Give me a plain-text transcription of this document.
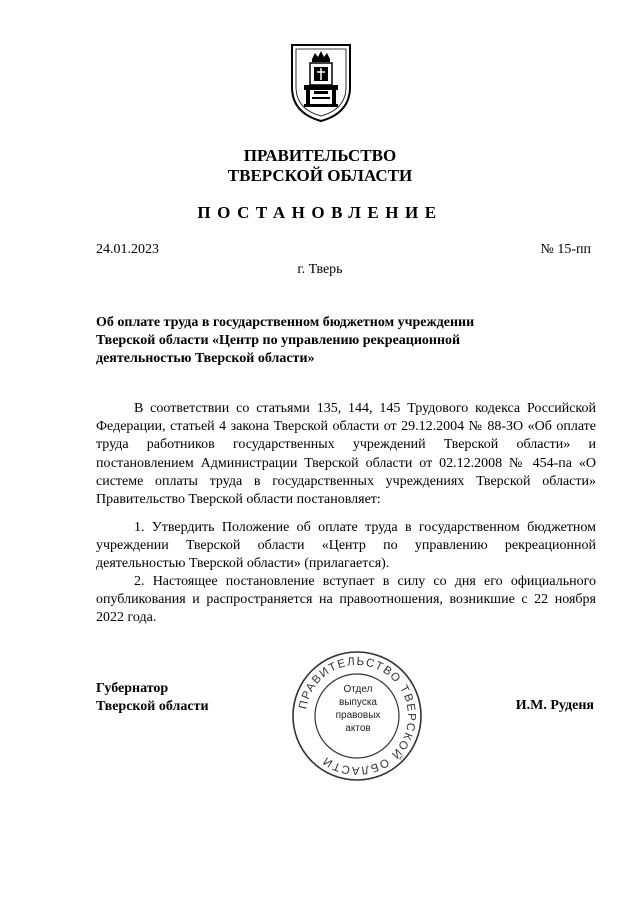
ПРАВИТЕЛЬСТВО
ТВЕРСКОЙ ОБЛАСТИ
ПОСТАНОВЛЕНИЕ
24.01.2023	№ 15-пп
г. Тверь
Об оплате труда в государственном бюджетном учреждении
Тверской области «Центр по управлению рекреационной
деятельностью Тверской области»
В соответствии со статьями 135, 144, 145 Трудового кодекса Российской Федерации, статьей 4 закона Тверской области от 29.12.2004 № 88-ЗО «Об оплате труда работников государственных учреждений Тверской области» и постановлением Администрации Тверской области от 02.12.2008 № 454-па «О системе оплаты труда в государственных учреждениях Тверской области» Правительство Тверской области постановляет:
1. Утвердить Положение об оплате труда в государственном бюджетном учреждении Тверской области «Центр по управлению рекреационной деятельностью Тверской области» (прилагается).
2. Настоящее постановление вступает в силу со дня его официального опубликования и распространяется на правоотношения, возникшие с 22 ноября 2022 года.
Губернатор
Тверской области	И.М. Руденя
ПРАВИТЕЛЬСТВО ТВЕРСКОЙ ОБЛАСТИ
Отдел
выпуска
правовых
актов
